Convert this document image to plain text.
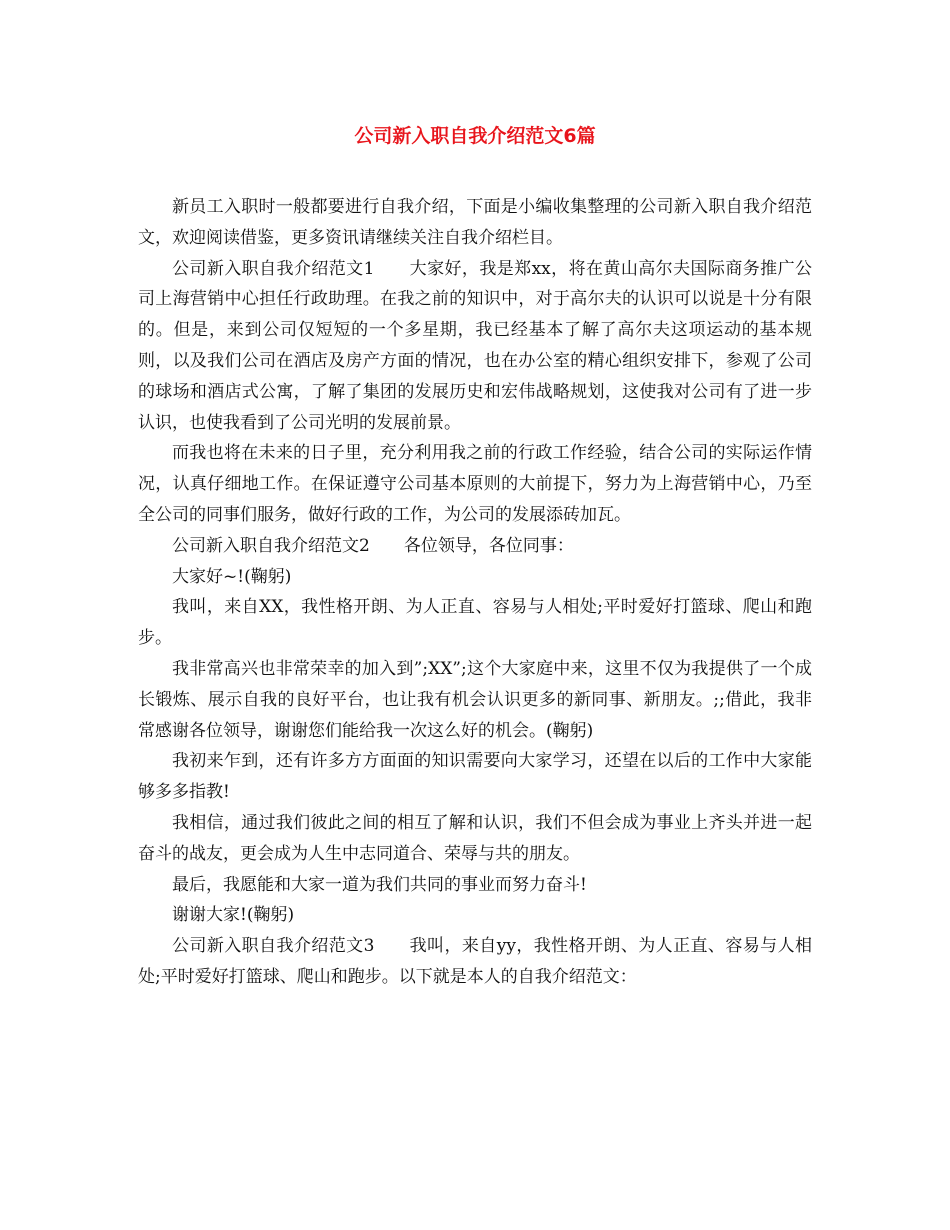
公司新入职自我介绍范文6篇

新员工入职时一般都要进行自我介绍，下面是小编收集整理的公司新入职自我介绍范文，欢迎阅读借鉴，更多资讯请继续关注自我介绍栏目。

公司新入职自我介绍范文1　　大家好，我是郑xx，将在黄山高尔夫国际商务推广公司上海营销中心担任行政助理。在我之前的知识中，对于高尔夫的认识可以说是十分有限的。但是，来到公司仅短短的一个多星期，我已经基本了解了高尔夫这项运动的基本规则，以及我们公司在酒店及房产方面的情况，也在办公室的精心组织安排下，参观了公司的球场和酒店式公寓，了解了集团的发展历史和宏伟战略规划，这使我对公司有了进一步认识，也使我看到了公司光明的发展前景。

而我也将在未来的日子里，充分利用我之前的行政工作经验，结合公司的实际运作情况，认真仔细地工作。在保证遵守公司基本原则的大前提下，努力为上海营销中心，乃至全公司的同事们服务，做好行政的工作，为公司的发展添砖加瓦。

公司新入职自我介绍范文2　　各位领导，各位同事：

大家好~!(鞠躬)

我叫，来自XX，我性格开朗、为人正直、容易与人相处;平时爱好打篮球、爬山和跑步。

我非常高兴也非常荣幸的加入到”;XX”;这个大家庭中来，这里不仅为我提供了一个成长锻炼、展示自我的良好平台，也让我有机会认识更多的新同事、新朋友。;;借此，我非常感谢各位领导，谢谢您们能给我一次这么好的机会。(鞠躬)

我初来乍到，还有许多方方面面的知识需要向大家学习，还望在以后的工作中大家能够多多指教!

我相信，通过我们彼此之间的相互了解和认识，我们不但会成为事业上齐头并进一起奋斗的战友，更会成为人生中志同道合、荣辱与共的朋友。

最后，我愿能和大家一道为我们共同的事业而努力奋斗!

谢谢大家!(鞠躬)

公司新入职自我介绍范文3　　我叫，来自yy，我性格开朗、为人正直、容易与人相处;平时爱好打篮球、爬山和跑步。以下就是本人的自我介绍范文：
